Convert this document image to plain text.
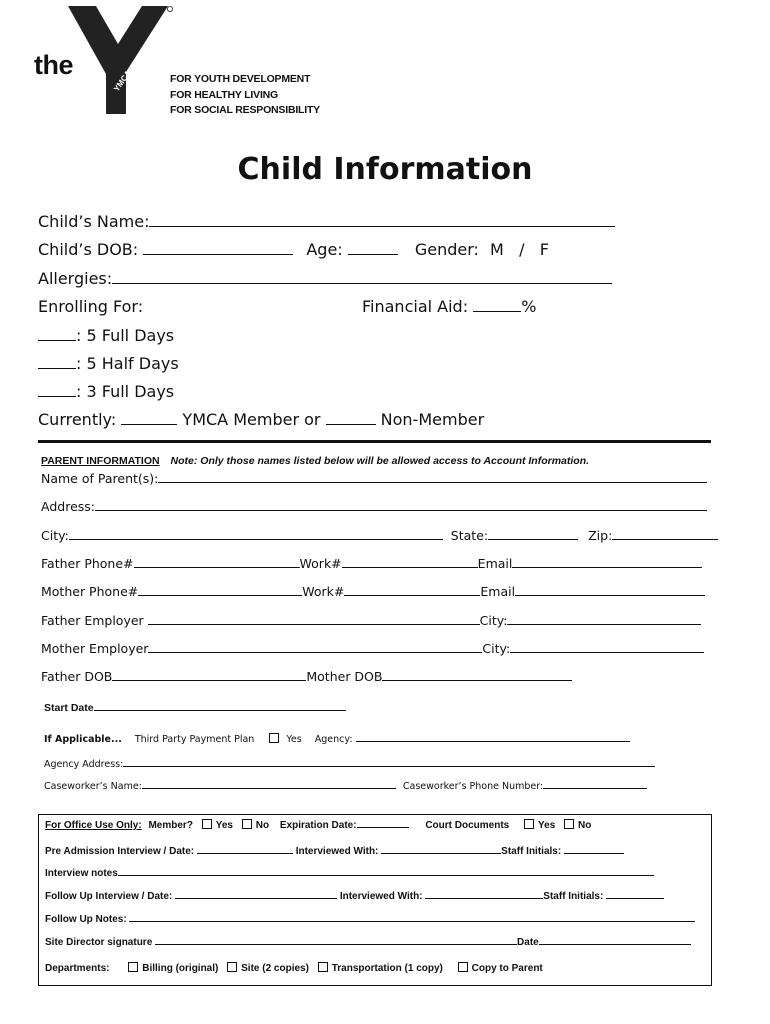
the
YMCA	FOR YOUTH DEVELOPMENT
FOR HEALTHY LIVING
FOR SOCIAL RESPONSIBILITY
Child Information
Child’s Name:
Child’s DOB:	Age:	Gender: M   /   F
Allergies:
Enrolling For:	Financial Aid:	%
: 5 Full Days
: 5 Half Days
: 3 Full Days
Currently:	YMCA Member or	Non-Member
PARENT INFORMATION Note: Only those names listed below will be allowed access to Account Information.
Name of Parent(s):
Address:
City:	State:	Zip:
Father Phone#	Work#	Email
Mother Phone#	Work#	Email
Father Employer	City:
Mother Employer	City:
Father DOB	Mother DOB
Start Date
If Applicable... Third Party Payment Plan	Yes Agency:
Agency Address:
Caseworker’s Name:	Caseworker’s Phone Number:
For Office Use Only: Member? Yes No Expiration Date:	Court Documents	Yes No
Pre Admission Interview / Date:	Interviewed With:	Staff Initials:
Interview notes
Follow Up Interview / Date:	Interviewed With:	Staff Initials:
Follow Up Notes:
Site Director signature	Date
Departments:	Billing (original) Site (2 copies) Transportation (1 copy)	Copy to Parent
